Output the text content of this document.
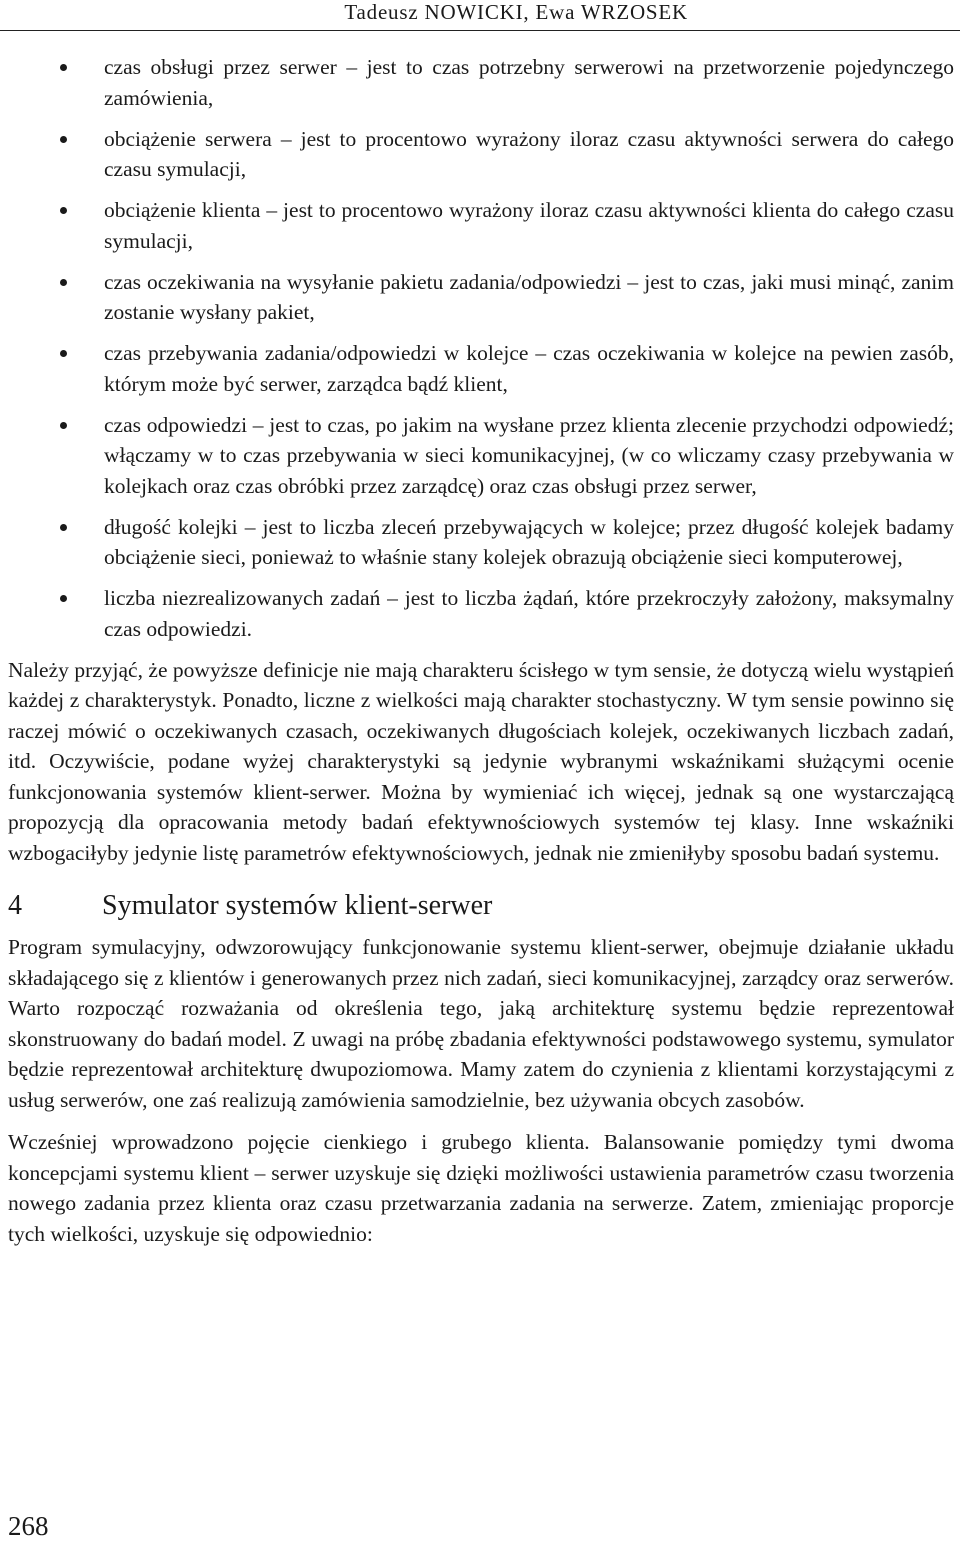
Tadeusz NOWICKI, Ewa WRZOSEK
czas obsługi przez serwer – jest to czas potrzebny serwerowi na przetworzenie pojedynczego zamówienia,
obciążenie serwera – jest to procentowo wyrażony iloraz czasu aktywności serwera do całego czasu symulacji,
obciążenie klienta – jest to procentowo wyrażony iloraz czasu aktywności klienta do całego czasu symulacji,
czas oczekiwania na wysyłanie pakietu zadania/odpowiedzi – jest to czas, jaki musi minąć, zanim zostanie wysłany pakiet,
czas przebywania zadania/odpowiedzi w kolejce – czas oczekiwania w kolejce na pewien zasób, którym może być serwer, zarządca bądź klient,
czas odpowiedzi – jest to czas, po jakim na wysłane przez klienta zlecenie przychodzi odpowiedź; włączamy w to czas przebywania w sieci komunikacyjnej, (w co wliczamy czasy przebywania w kolejkach oraz czas obróbki przez zarządcę) oraz czas obsługi przez serwer,
długość kolejki – jest to liczba zleceń przebywających w kolejce; przez długość kolejek badamy obciążenie sieci, ponieważ to właśnie stany kolejek obrazują obciążenie sieci komputerowej,
liczba niezrealizowanych zadań – jest to liczba żądań, które przekroczyły założony, maksymalny czas odpowiedzi.

Należy przyjąć, że powyższe definicje nie mają charakteru ścisłego w tym sensie, że dotyczą wielu wystąpień każdej z charakterystyk. Ponadto, liczne z wielkości mają charakter stochastyczny. W tym sensie powinno się raczej mówić o oczekiwanych czasach, oczekiwanych długościach kolejek, oczekiwanych liczbach zadań, itd. Oczywiście, podane wyżej charakterystyki są jedynie wybranymi wskaźnikami służącymi ocenie funkcjonowania systemów klient-serwer. Można by wymieniać ich więcej, jednak są one wystarczającą propozycją dla opracowania metody badań efektywnościowych systemów tej klasy. Inne wskaźniki wzbogaciłyby jedynie listę parametrów efektywnościowych, jednak nie zmieniłyby sposobu badań systemu.

4	Symulator systemów klient-serwer

Program symulacyjny, odwzorowujący funkcjonowanie systemu klient-serwer, obejmuje działanie układu składającego się z klientów i generowanych przez nich zadań, sieci komunikacyjnej, zarządcy oraz serwerów. Warto rozpocząć rozważania od określenia tego, jaką architekturę systemu będzie reprezentował skonstruowany do badań model. Z uwagi na próbę zbadania efektywności podstawowego systemu, symulator będzie reprezentował architekturę dwupoziomowa. Mamy zatem do czynienia z klientami korzystającymi z usług serwerów, one zaś realizują zamówienia samodzielnie, bez używania obcych zasobów.

Wcześniej wprowadzono pojęcie cienkiego i grubego klienta. Balansowanie pomiędzy tymi dwoma koncepcjami systemu klient – serwer uzyskuje się dzięki możliwości ustawienia parametrów czasu tworzenia nowego zadania przez klienta oraz czasu przetwarzania zadania na serwerze. Zatem, zmieniając proporcje tych wielkości, uzyskuje się odpowiednio:

268
